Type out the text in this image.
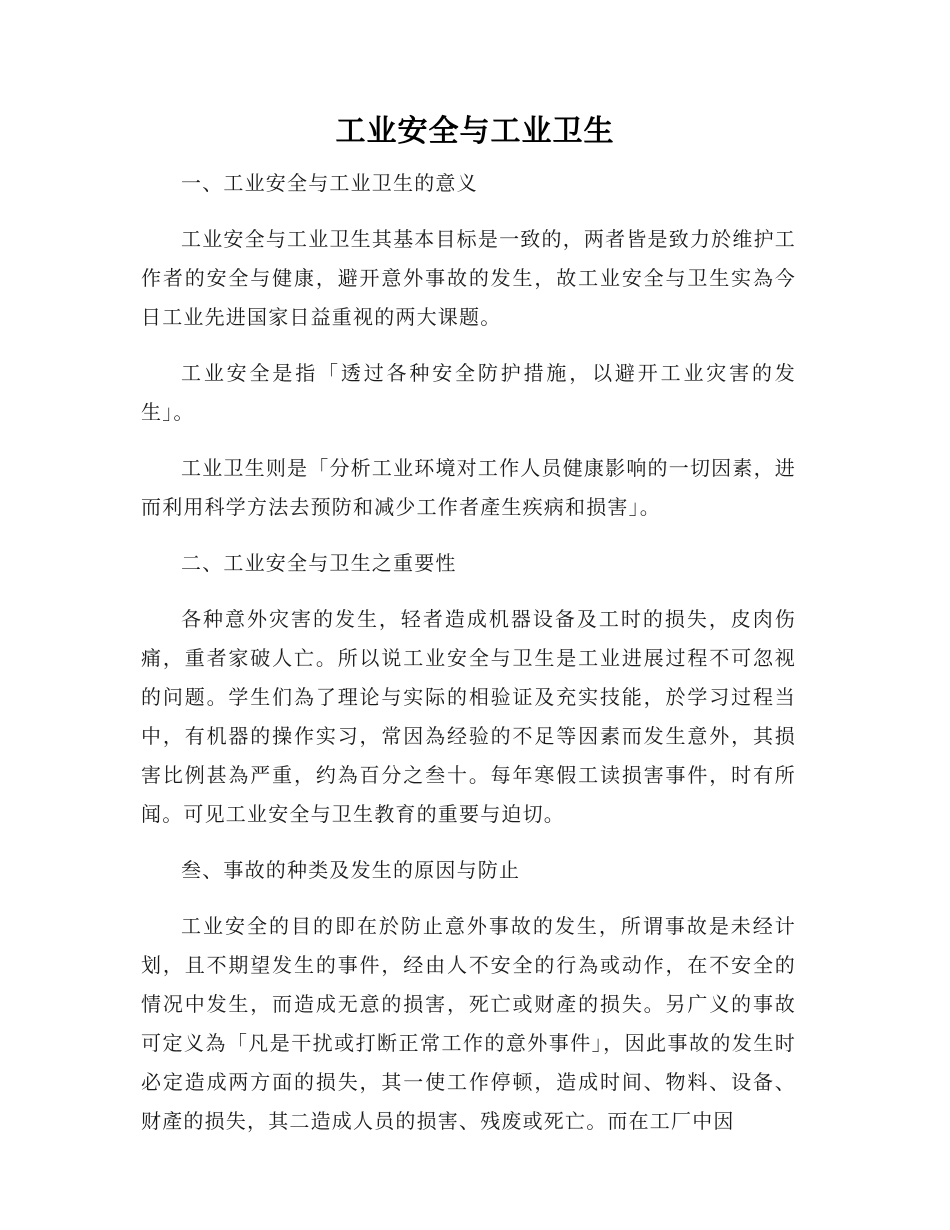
工业安全与工业卫生

一、工业安全与工业卫生的意义

工业安全与工业卫生其基本目标是一致的，两者皆是致力於维护工作者的安全与健康，避开意外事故的发生，故工业安全与卫生实為今日工业先进国家日益重视的两大课题。

工业安全是指「透过各种安全防护措施，以避开工业灾害的发生」。

工业卫生则是「分析工业环境对工作人员健康影响的一切因素，进而利用科学方法去预防和减少工作者產生疾病和损害」。

二、工业安全与卫生之重要性

各种意外灾害的发生，轻者造成机器设备及工时的损失，皮肉伤痛，重者家破人亡。所以说工业安全与卫生是工业进展过程不可忽视的问题。学生们為了理论与实际的相验证及充实技能，於学习过程当中，有机器的操作实习，常因為经验的不足等因素而发生意外，其损害比例甚為严重，约為百分之叁十。每年寒假工读损害事件，时有所闻。可见工业安全与卫生教育的重要与迫切。

叁、事故的种类及发生的原因与防止

工业安全的目的即在於防止意外事故的发生，所谓事故是未经计划，且不期望发生的事件，经由人不安全的行為或动作，在不安全的情况中发生，而造成无意的损害，死亡或财產的损失。另广义的事故可定义為「凡是干扰或打断正常工作的意外事件」，因此事故的发生时必定造成两方面的损失，其一使工作停顿，造成时间、物料、设备、财產的损失，其二造成人员的损害、残废或死亡。而在工厂中因
